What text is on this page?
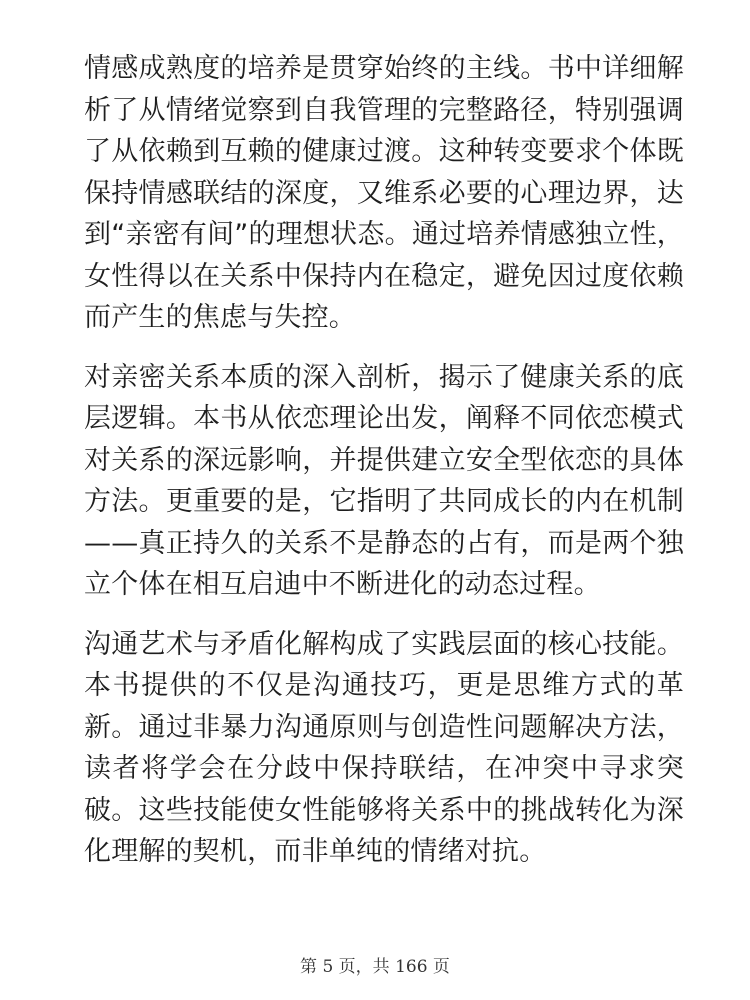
情感成熟度的培养是贯穿始终的主线。书中详细解析了从情绪觉察到自我管理的完整路径，特别强调了从依赖到互赖的健康过渡。这种转变要求个体既保持情感联结的深度，又维系必要的心理边界，达到“亲密有间”的理想状态。通过培养情感独立性，女性得以在关系中保持内在稳定，避免因过度依赖而产生的焦虑与失控。

对亲密关系本质的深入剖析，揭示了健康关系的底层逻辑。本书从依恋理论出发，阐释不同依恋模式对关系的深远影响，并提供建立安全型依恋的具体方法。更重要的是，它指明了共同成长的内在机制——真正持久的关系不是静态的占有，而是两个独立个体在相互启迪中不断进化的动态过程。

沟通艺术与矛盾化解构成了实践层面的核心技能。本书提供的不仅是沟通技巧，更是思维方式的革新。通过非暴力沟通原则与创造性问题解决方法，读者将学会在分歧中保持联结，在冲突中寻求突破。这些技能使女性能够将关系中的挑战转化为深化理解的契机，而非单纯的情绪对抗。

第 5 页，共 166 页
